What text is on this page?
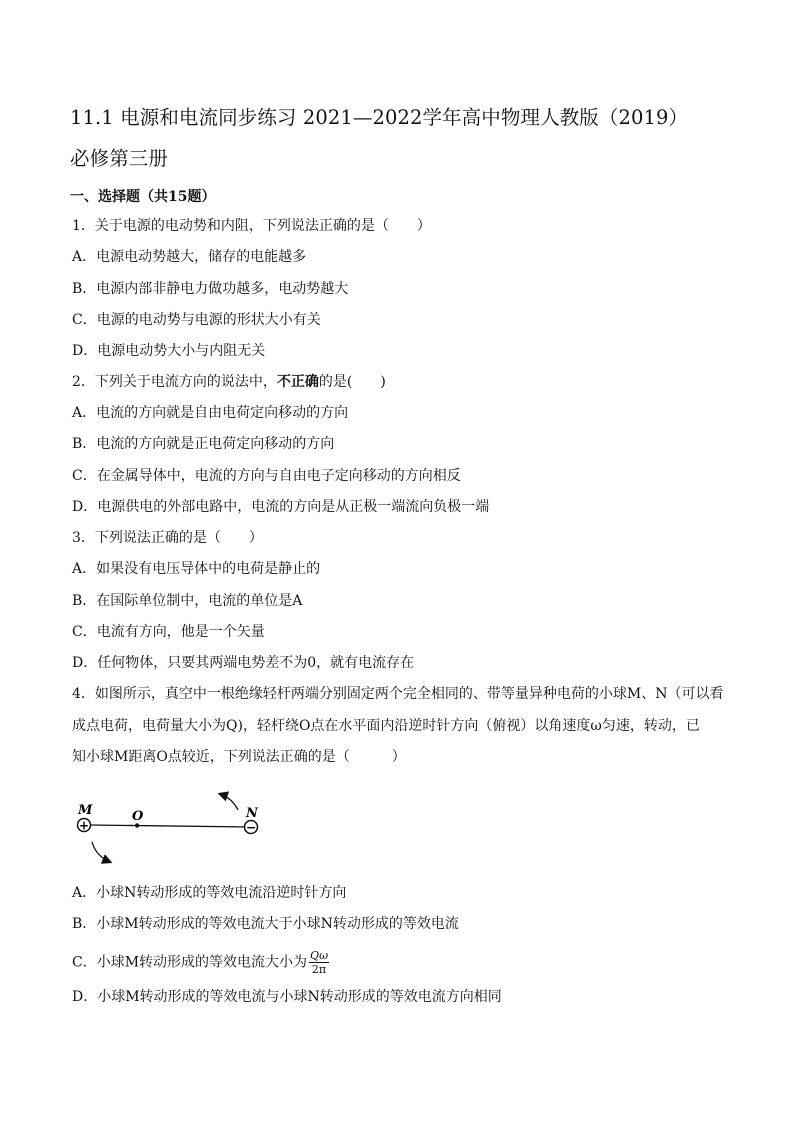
11.1 电源和电流同步练习 2021—2022学年高中物理人教版（2019）
必修第三册
一、选择题（共15题）
1．关于电源的电动势和内阻，下列说法正确的是（　　）
A．电源电动势越大，储存的电能越多
B．电源内部非静电力做功越多，电动势越大
C．电源的电动势与电源的形状大小有关
D．电源电动势大小与内阻无关
2．下列关于电流方向的说法中，不正确的是(　　)
A．电流的方向就是自由电荷定向移动的方向
B．电流的方向就是正电荷定向移动的方向
C．在金属导体中，电流的方向与自由电子定向移动的方向相反
D．电源供电的外部电路中，电流的方向是从正极一端流向负极一端
3．下列说法正确的是（　　）
A．如果没有电压导体中的电荷是静止的
B．在国际单位制中，电流的单位是A
C．电流有方向，他是一个矢量
D．任何物体，只要其两端电势差不为0，就有电流存在
4．如图所示，真空中一根绝缘轻杆两端分别固定两个完全相同的、带等量异种电荷的小球M、N（可以看
成点电荷，电荷量大小为Q)，轻杆绕O点在水平面内沿逆时针方向（俯视）以角速度ω匀速，转动，已
知小球M距离O点较近，下列说法正确的是（　　　）
+	−
M	O	N
A．小球N转动形成的等效电流沿逆时针方向
B．小球M转动形成的等效电流大于小球N转动形成的等效电流
C．小球M转动形成的等效电流大小为 $\frac{Q\omega}{2\pi}$
D．小球M转动形成的等效电流与小球N转动形成的等效电流方向相同
